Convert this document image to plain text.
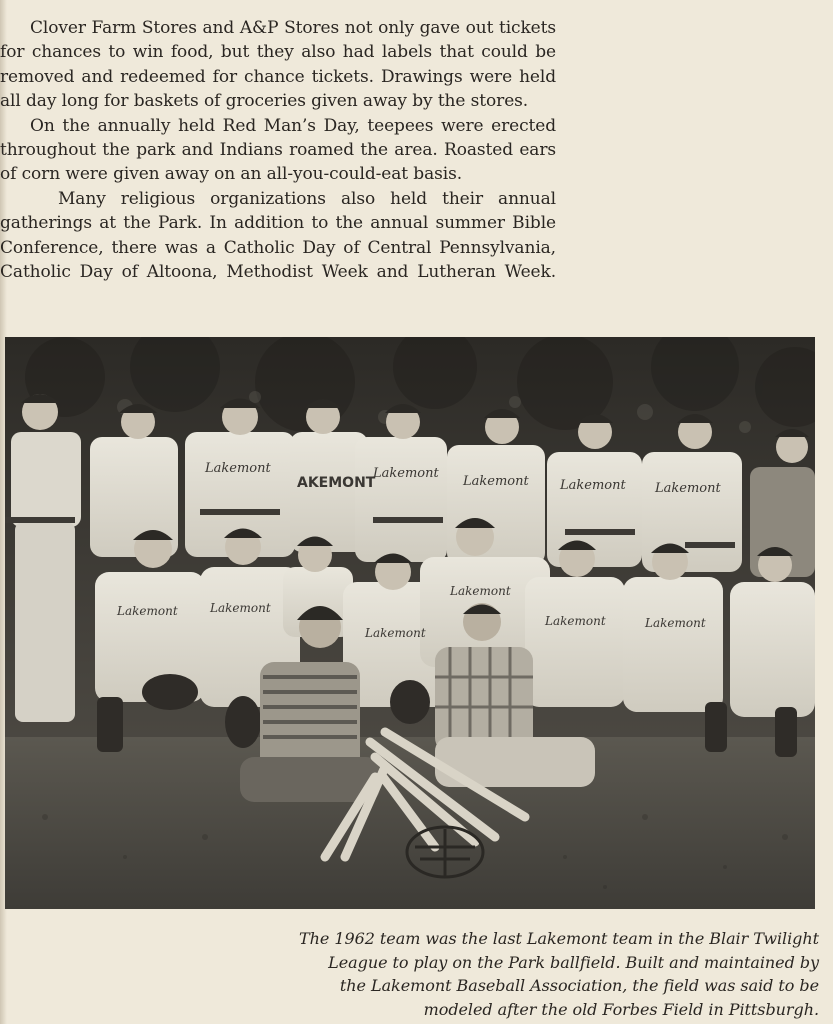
Clover Farm Stores and A&P Stores not only gave out tickets

for chances to win food, but they also had labels that could be

removed and redeemed for chance tickets. Drawings were held

all day long for baskets of groceries given away by the stores.

On the annually held Red Man’s Day, teepees were erected

throughout the park and Indians roamed the area. Roasted ears

of corn were given away on an all-you-could-eat basis.

Many religious organizations also held their annual

gatherings at the Park. In addition to the annual summer Bible

Conference, there was a Catholic Day of Central Pennsylvania,

Catholic Day of Altoona, Methodist Week and Lutheran Week.

Lakemont	Lakemont
Lakemont Lakemont Lakemont
AKEMONT
Lakemont	Lakemont
Lakemont
Lakemont
Lakemont	Lakemont
The 1962 team was the last Lakemont team in the Blair Twilight
League to play on the Park ballfield. Built and maintained by
the Lakemont Baseball Association, the field was said to be
modeled after the old Forbes Field in Pittsburgh.
